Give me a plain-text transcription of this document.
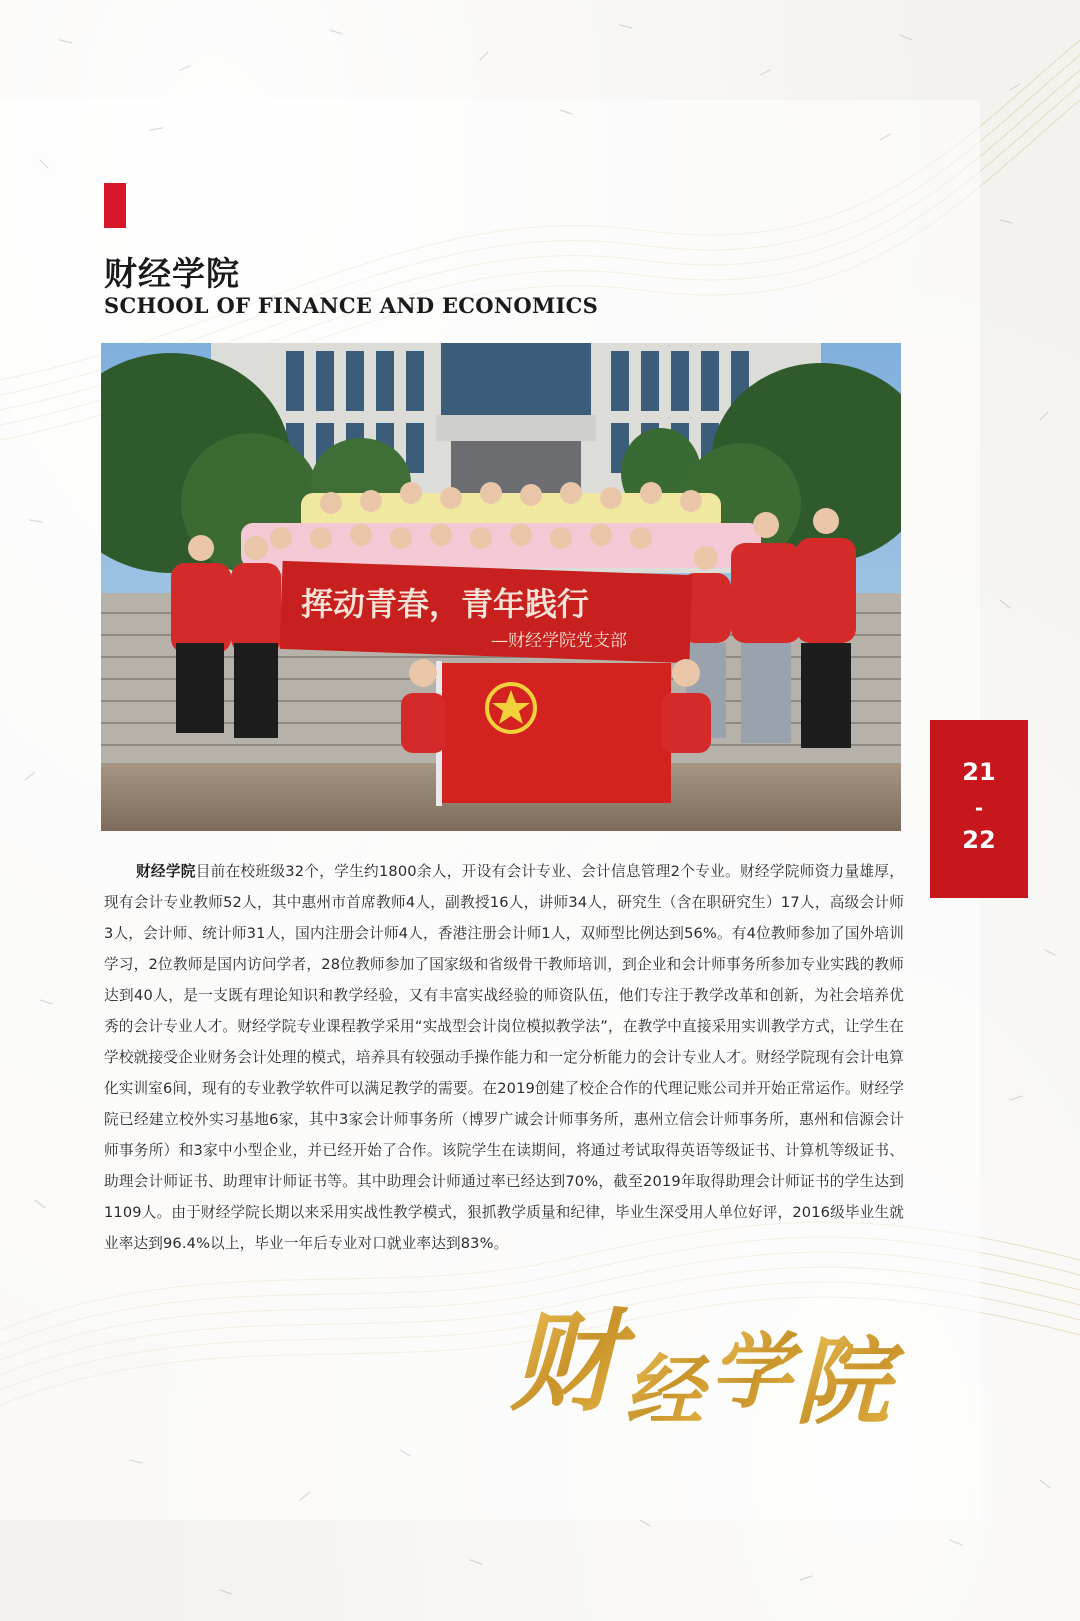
财经学院
SCHOOL OF FINANCE AND ECONOMICS
挥动青春，青年践行
—财经学院党支部
21
-
22
财经学院目前在校班级32个，学生约1800余人，开设有会计专业、会计信息管理2个专业。财经学院师资力量雄厚，现有会计专业教师52人，其中惠州市首席教师4人，副教授16人，讲师34人，研究生（含在职研究生）17人，高级会计师3人，会计师、统计师31人，国内注册会计师4人，香港注册会计师1人，双师型比例达到56%。有4位教师参加了国外培训学习，2位教师是国内访问学者，28位教师参加了国家级和省级骨干教师培训，到企业和会计师事务所参加专业实践的教师达到40人，是一支既有理论知识和教学经验，又有丰富实战经验的师资队伍，他们专注于教学改革和创新，为社会培养优秀的会计专业人才。财经学院专业课程教学采用“实战型会计岗位模拟教学法”，在教学中直接采用实训教学方式，让学生在学校就接受企业财务会计处理的模式，培养具有较强动手操作能力和一定分析能力的会计专业人才。财经学院现有会计电算化实训室6间，现有的专业教学软件可以满足教学的需要。在2019创建了校企合作的代理记账公司并开始正常运作。财经学院已经建立校外实习基地6家，其中3家会计师事务所（博罗广诚会计师事务所，惠州立信会计师事务所，惠州和信源会计师事务所）和3家中小型企业，并已经开始了合作。该院学生在读期间，将通过考试取得英语等级证书、计算机等级证书、助理会计师证书、助理审计师证书等。其中助理会计师通过率已经达到70%，截至2019年取得助理会计师证书的学生达到1109人。由于财经学院长期以来采用实战性教学模式，狠抓教学质量和纪律，毕业生深受用人单位好评，2016级毕业生就业率达到96.4%以上，毕业一年后专业对口就业率达到83%。
财 经 学 院
